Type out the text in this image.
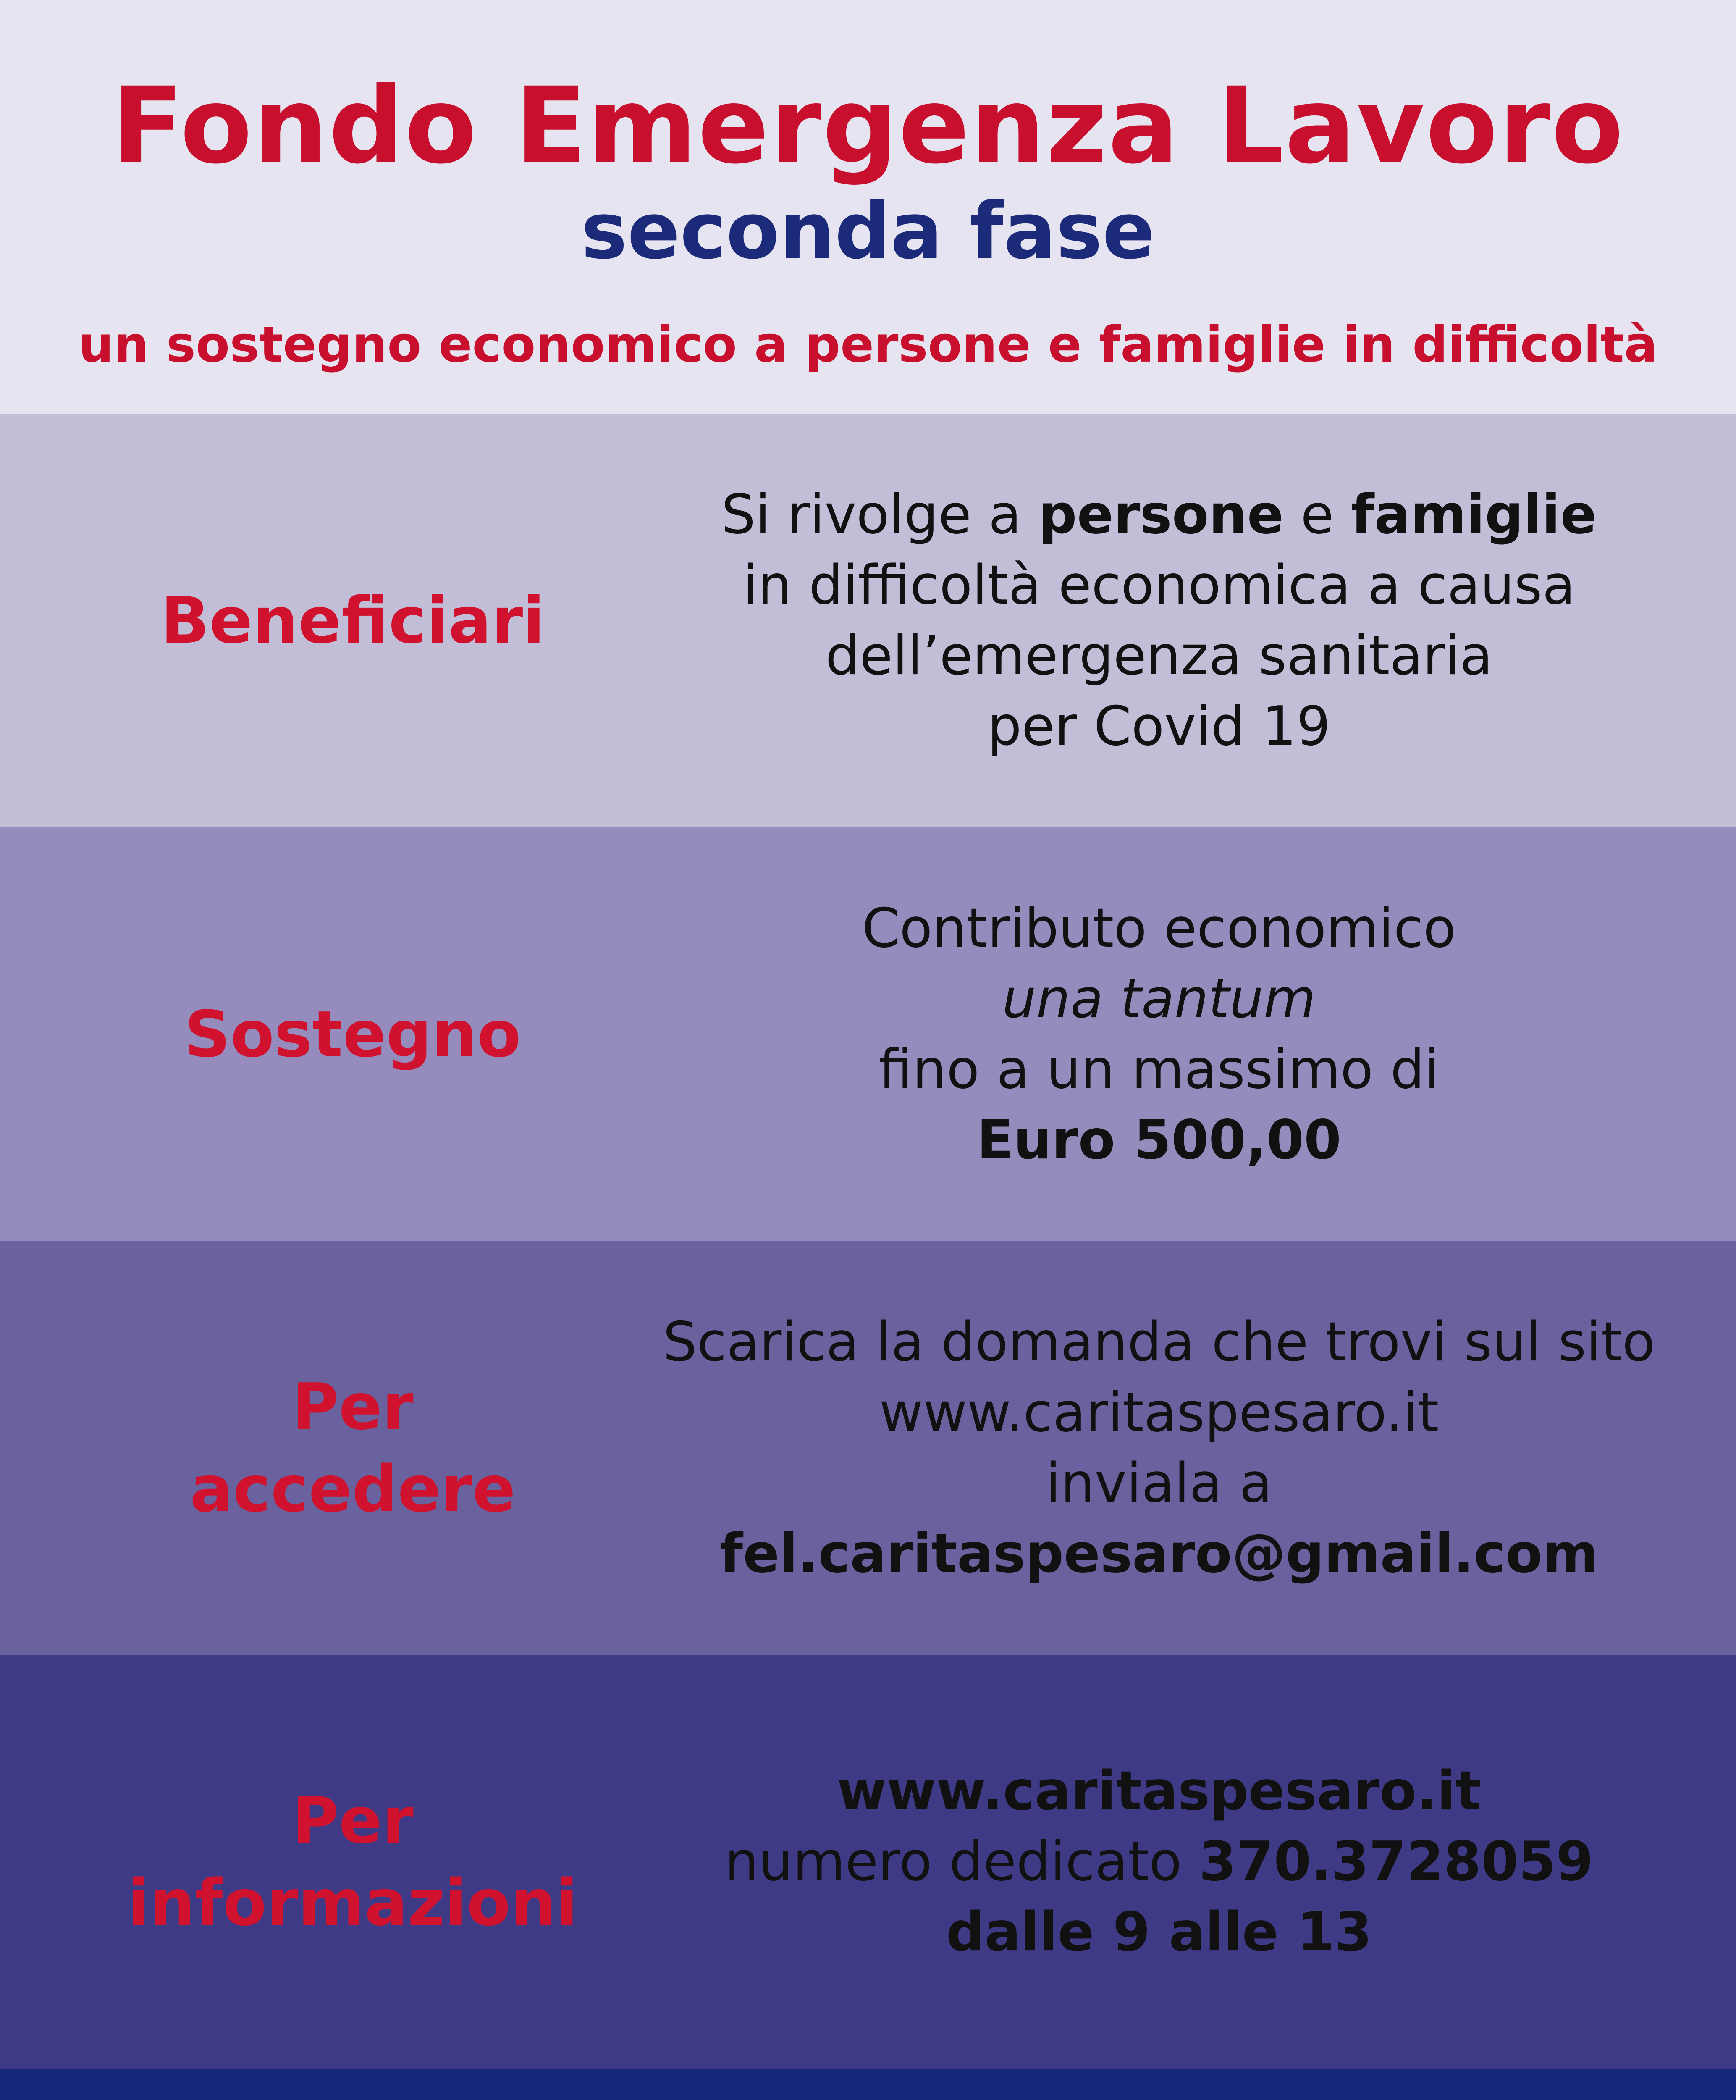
Fondo Emergenza Lavoro
seconda fase
un sostegno economico a persone e famiglie in difficoltà
Beneficiari
Si rivolge a persone e famiglie
in difficoltà economica a causa
dell’emergenza sanitaria
per Covid 19
Sostegno
Contributo economico
una tantum
fino a un massimo di
Euro 500,00
Per
accedere
Scarica la domanda che trovi sul sito
www.caritaspesaro.it
inviala a
fel.caritaspesaro@gmail.com
Per
informazioni
www.caritaspesaro.it
numero dedicato 370.3728059
dalle 9 alle 13
